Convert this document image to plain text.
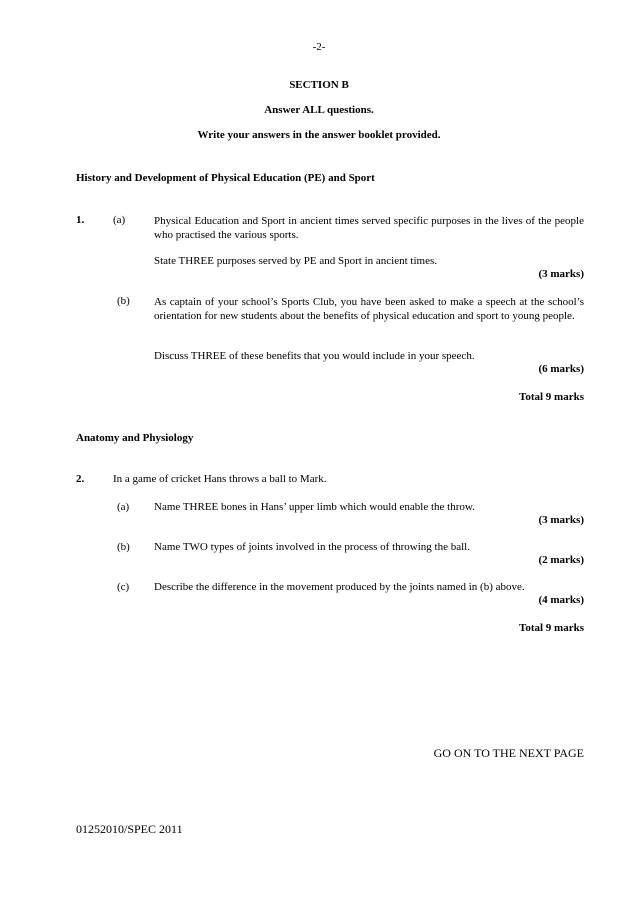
-2-
SECTION B
Answer ALL questions.
Write your answers in the answer booklet provided.
History and Development of Physical Education (PE) and Sport
1.	(a)	Physical Education and Sport in ancient times served specific purposes in the lives of the people who practised the various sports.
State THREE purposes served by PE and Sport in ancient times.
(3 marks)
(b) As captain of your school’s Sports Club, you have been asked to make a speech at the school’s orientation for new students about the benefits of physical education and sport to young people.
Discuss THREE of these benefits that you would include in your speech.
(6 marks)
Total 9 marks
Anatomy and Physiology
2.	In a game of cricket Hans throws a ball to Mark.
(a) Name THREE bones in Hans’ upper limb which would enable the throw.
(3 marks)
(b) Name TWO types of joints involved in the process of throwing the ball.
(2 marks)
(c) Describe the difference in the movement produced by the joints named in (b) above.
(4 marks)
Total 9 marks
GO ON TO THE NEXT PAGE
01252010/SPEC 2011
